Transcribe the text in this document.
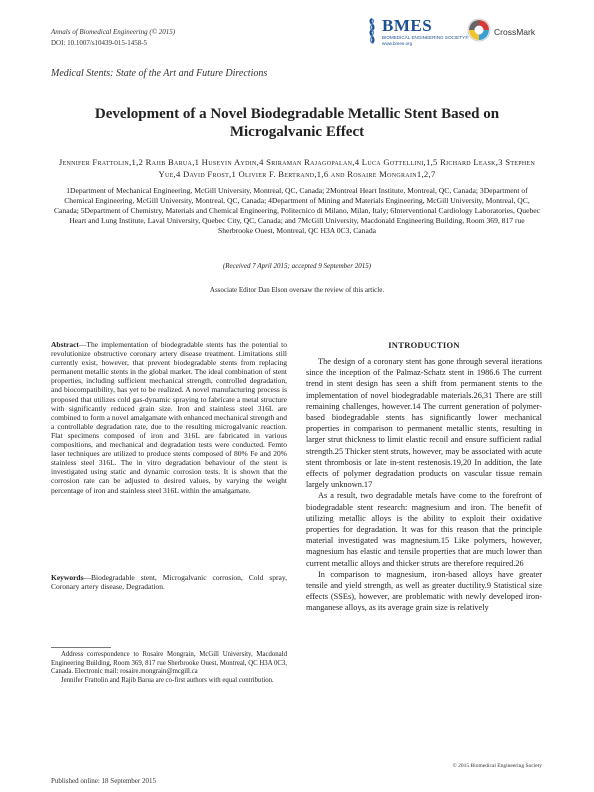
Annals of Biomedical Engineering (© 2015)
DOI: 10.1007/s10439-015-1458-5
BMES
BIOMEDICAL ENGINEERING SOCIETY®
www.bmes.org
CrossMark
Medical Stents: State of the Art and Future Directions
Development of a Novel Biodegradable Metallic Stent Based on Microgalvanic Effect
Jennifer Frattolin,1,2 Rajib Barua,1 Huseyin Aydin,4 Sriraman Rajagopalan,4 Luca Gottellini,1,5 Richard Leask,3 Stephen Yue,4 David Frost,1 Olivier F. Bertrand,1,6 and Rosaire Mongrain1,2,7
1Department of Mechanical Engineering, McGill University, Montreal, QC, Canada; 2Montreal Heart Institute, Montreal, QC, Canada; 3Department of Chemical Engineering, McGill University, Montreal, QC, Canada; 4Department of Mining and Materials Engineering, McGill University, Montreal, QC, Canada; 5Department of Chemistry, Materials and Chemical Engineering, Politecnico di Milano, Milan, Italy; 6Interventional Cardiology Laboratories, Quebec Heart and Lung Institute, Laval University, Quebec City, QC, Canada; and 7McGill University, Macdonald Engineering Building, Room 369, 817 rue Sherbrooke Ouest, Montreal, QC H3A 0C3, Canada
(Received 7 April 2015; accepted 9 September 2015)
Associate Editor Dan Elson oversaw the review of this article.
Abstract—The implementation of biodegradable stents has the potential to revolutionize obstructive coronary artery disease treatment. Limitations still currently exist, however, that prevent biodegradable stents from replacing permanent metallic stents in the global market. The ideal combination of stent properties, including sufficient mechanical strength, controlled degradation, and biocompatibility, has yet to be realized. A novel manufacturing process is proposed that utilizes cold gas-dynamic spraying to fabricate a metal structure with significantly reduced grain size. Iron and stainless steel 316L are combined to form a novel amalgamate with enhanced mechanical strength and a controllable degradation rate, due to the resulting microgalvanic reaction. Flat specimens composed of iron and 316L are fabricated in various compositions, and mechanical and degradation tests were conducted. Femto laser techniques are utilized to produce stents composed of 80% Fe and 20% stainless steel 316L. The in vitro degradation behaviour of the stent is investigated using static and dynamic corrosion tests. It is shown that the corrosion rate can be adjusted to desired values, by varying the weight percentage of iron and stainless steel 316L within the amalgamate.
Keywords—Biodegradable stent, Microgalvanic corrosion, Cold spray, Coronary artery disease, Degradation.
Address correspondence to Rosaire Mongrain, McGill University, Macdonald Engineering Building, Room 369, 817 rue Sherbrooke Ouest, Montreal, QC H3A 0C3, Canada. Electronic mail: rosaire.mongrain@mcgill.ca
Jennifer Frattolin and Rajib Barua are co-first authors with equal contribution.
Published online: 18 September 2015
INTRODUCTION

The design of a coronary stent has gone through several iterations since the inception of the Palmaz-Schatz stent in 1986.6 The current trend in stent design has seen a shift from permanent stents to the implementation of novel biodegradable materials.26,31 There are still remaining challenges, however.14 The current generation of polymer-based biodegradable stents has significantly lower mechanical properties in comparison to permanent metallic stents, resulting in larger strut thickness to limit elastic recoil and ensure sufficient radial strength.25 Thicker stent struts, however, may be associated with acute stent thrombosis or late in-stent restenosis.19,20 In addition, the late effects of polymer degradation products on vascular tissue remain largely unknown.17

As a result, two degradable metals have come to the forefront of biodegradable stent research: magnesium and iron. The benefit of utilizing metallic alloys is the ability to exploit their oxidative properties for degradation. It was for this reason that the principle material investigated was magnesium.15 Like polymers, however, magnesium has elastic and tensile properties that are much lower than current metallic alloys and thicker struts are therefore required.26

In comparison to magnesium, iron-based alloys have greater tensile and yield strength, as well as greater ductility.9 Statistical size effects (SSEs), however, are problematic with newly developed iron-manganese alloys, as its average grain size is relatively

© 2015 Biomedical Engineering Society
